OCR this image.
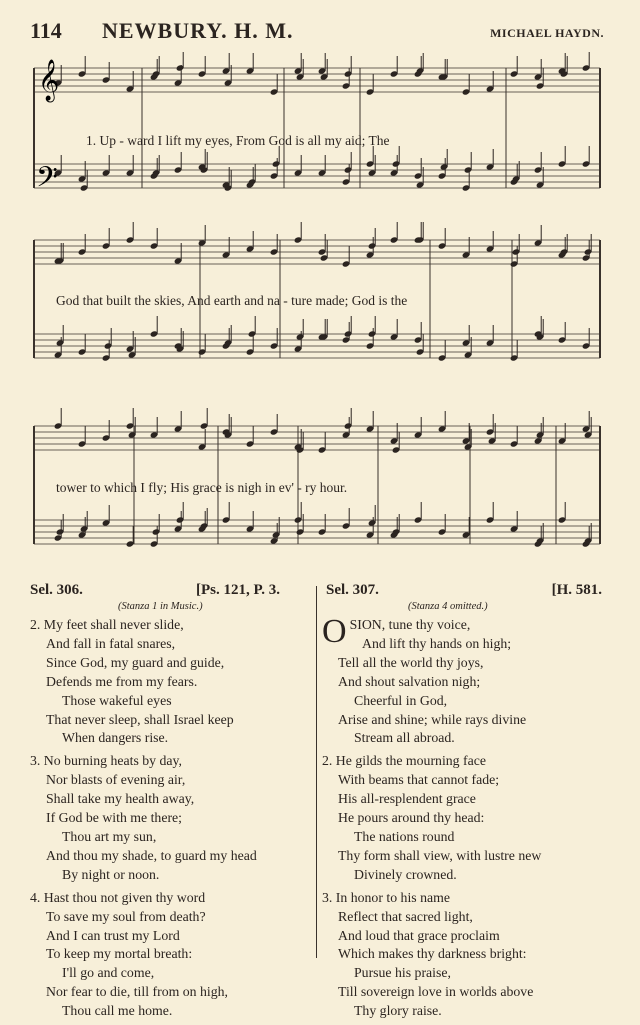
114 NEWBURY. H. M.	MICHAEL HAYDN.
1. Up - ward I lift my eyes, From God is all my aid; The
God that built the skies, And earth and na - ture made; God is the
tower to which I fly; His grace is nigh in ev' - ry hour.
𝄞
𝄢
Sel. 306.	[Ps. 121, P. 3.	Sel. 307.	[H. 581.
(Stanza 1 in Music.)	(Stanza 4 omitted.)
2. My feet shall never slide,
And fall in fatal snares,
Since God, my guard and guide,
Defends me from my fears.
Those wakeful eyes
That never sleep, shall Israel keep
When dangers rise.
3. No burning heats by day,
Nor blasts of evening air,
Shall take my health away,
If God be with me there;
Thou art my sun,
And thou my shade, to guard my head
By night or noon.
4. Hast thou not given thy word
To save my soul from death?
And I can trust my Lord
To keep my mortal breath:
I'll go and come,
Nor fear to die, till from on high,
Thou call me home.
OSION, tune thy voice,
And lift thy hands on high;
Tell all the world thy joys,
And shout salvation nigh;
Cheerful in God,
Arise and shine; while rays divine
Stream all abroad.
2. He gilds the mourning face
With beams that cannot fade;
His all-resplendent grace
He pours around thy head:
The nations round
Thy form shall view, with lustre new
Divinely crowned.
3. In honor to his name
Reflect that sacred light,
And loud that grace proclaim
Which makes thy darkness bright:
Pursue his praise,
Till sovereign love in worlds above
Thy glory raise.
